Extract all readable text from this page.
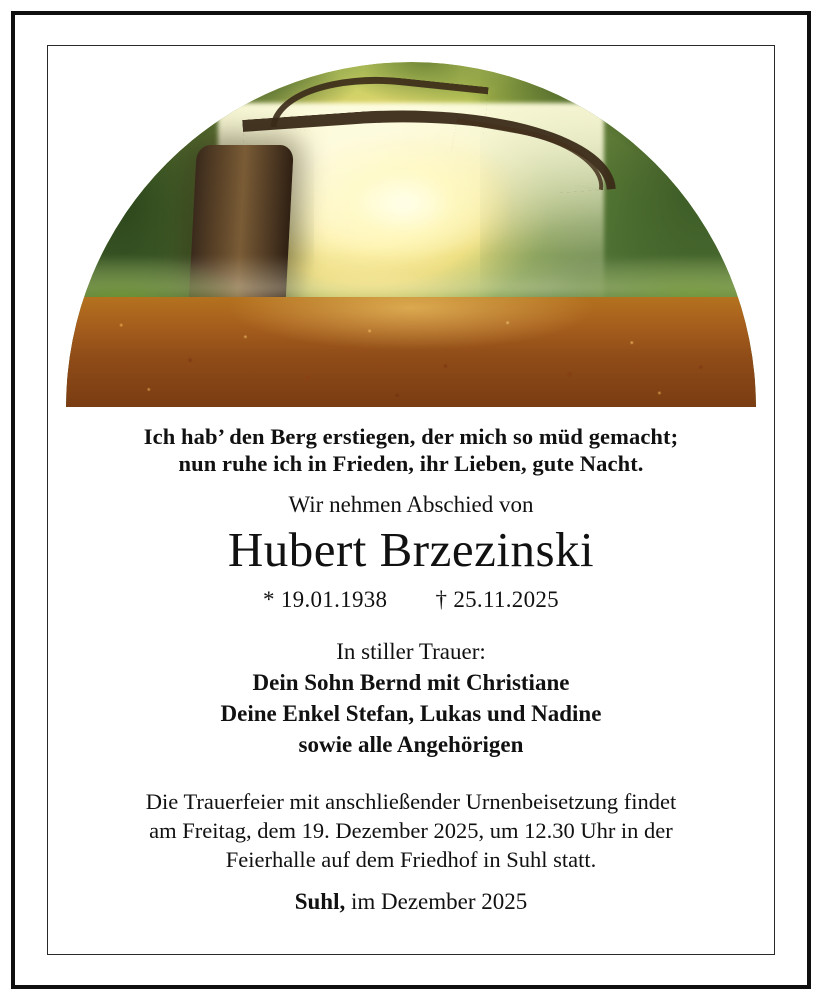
Ich hab’ den Berg erstiegen, der mich so müd gemacht;
nun ruhe ich in Frieden, ihr Lieben, gute Nacht.
Wir nehmen Abschied von
Hubert Brzezinski
* 19.01.1938 † 25.11.2025
In stiller Trauer:
Dein Sohn Bernd mit Christiane
Deine Enkel Stefan, Lukas und Nadine
sowie alle Angehörigen
Die Trauerfeier mit anschließender Urnenbeisetzung findet
am Freitag, dem 19. Dezember 2025, um 12.30 Uhr in der
Feierhalle auf dem Friedhof in Suhl statt.
Suhl, im Dezember 2025
